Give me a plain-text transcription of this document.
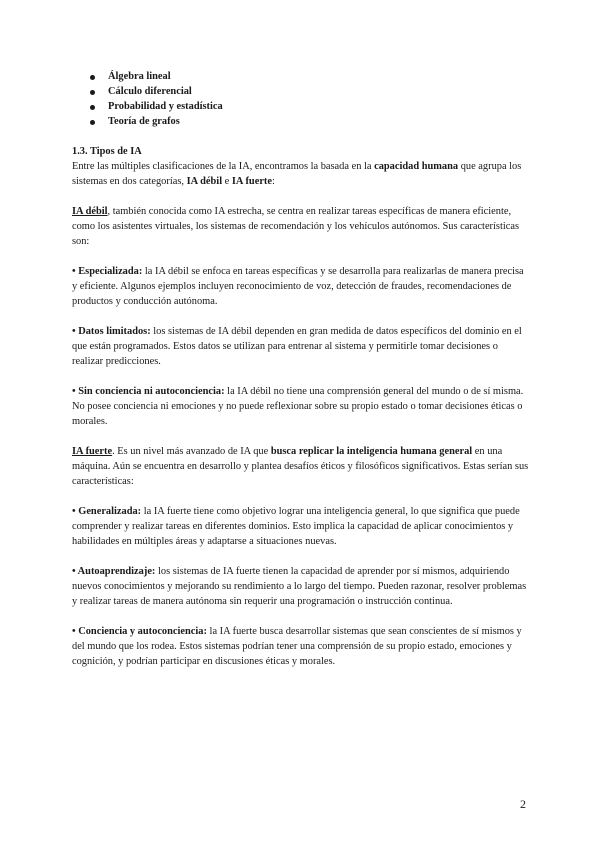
Álgebra lineal
Cálculo diferencial
Probabilidad y estadística
Teoría de grafos

1.3. Tipos de IA

Entre las múltiples clasificaciones de la IA, encontramos la basada en la capacidad humana que agrupa los sistemas en dos categorías, IA débil e IA fuerte:

IA débil, también conocida como IA estrecha, se centra en realizar tareas específicas de manera eficiente, como los asistentes virtuales, los sistemas de recomendación y los vehículos autónomos. Sus características son:

• Especializada: la IA débil se enfoca en tareas específicas y se desarrolla para realizarlas de manera precisa y eficiente. Algunos ejemplos incluyen reconocimiento de voz, detección de fraudes, recomendaciones de productos y conducción autónoma.

• Datos limitados: los sistemas de IA débil dependen en gran medida de datos específicos del dominio en el que están programados. Estos datos se utilizan para entrenar al sistema y permitirle tomar decisiones o realizar predicciones.

• Sin conciencia ni autoconciencia: la IA débil no tiene una comprensión general del mundo o de sí misma. No posee conciencia ni emociones y no puede reflexionar sobre su propio estado o tomar decisiones éticas o morales.

IA fuerte. Es un nivel más avanzado de IA que busca replicar la inteligencia humana general en una máquina. Aún se encuentra en desarrollo y plantea desafíos éticos y filosóficos significativos. Estas serían sus características:

• Generalizada: la IA fuerte tiene como objetivo lograr una inteligencia general, lo que significa que puede comprender y realizar tareas en diferentes dominios. Esto implica la capacidad de aplicar conocimientos y habilidades en múltiples áreas y adaptarse a situaciones nuevas.

• Autoaprendizaje: los sistemas de IA fuerte tienen la capacidad de aprender por sí mismos, adquiriendo nuevos conocimientos y mejorando su rendimiento a lo largo del tiempo. Pueden razonar, resolver problemas y realizar tareas de manera autónoma sin requerir una programación o instrucción continua.

• Conciencia y autoconciencia: la IA fuerte busca desarrollar sistemas que sean conscientes de sí mismos y del mundo que los rodea. Estos sistemas podrían tener una comprensión de su propio estado, emociones y cognición, y podrían participar en discusiones éticas y morales.

2
